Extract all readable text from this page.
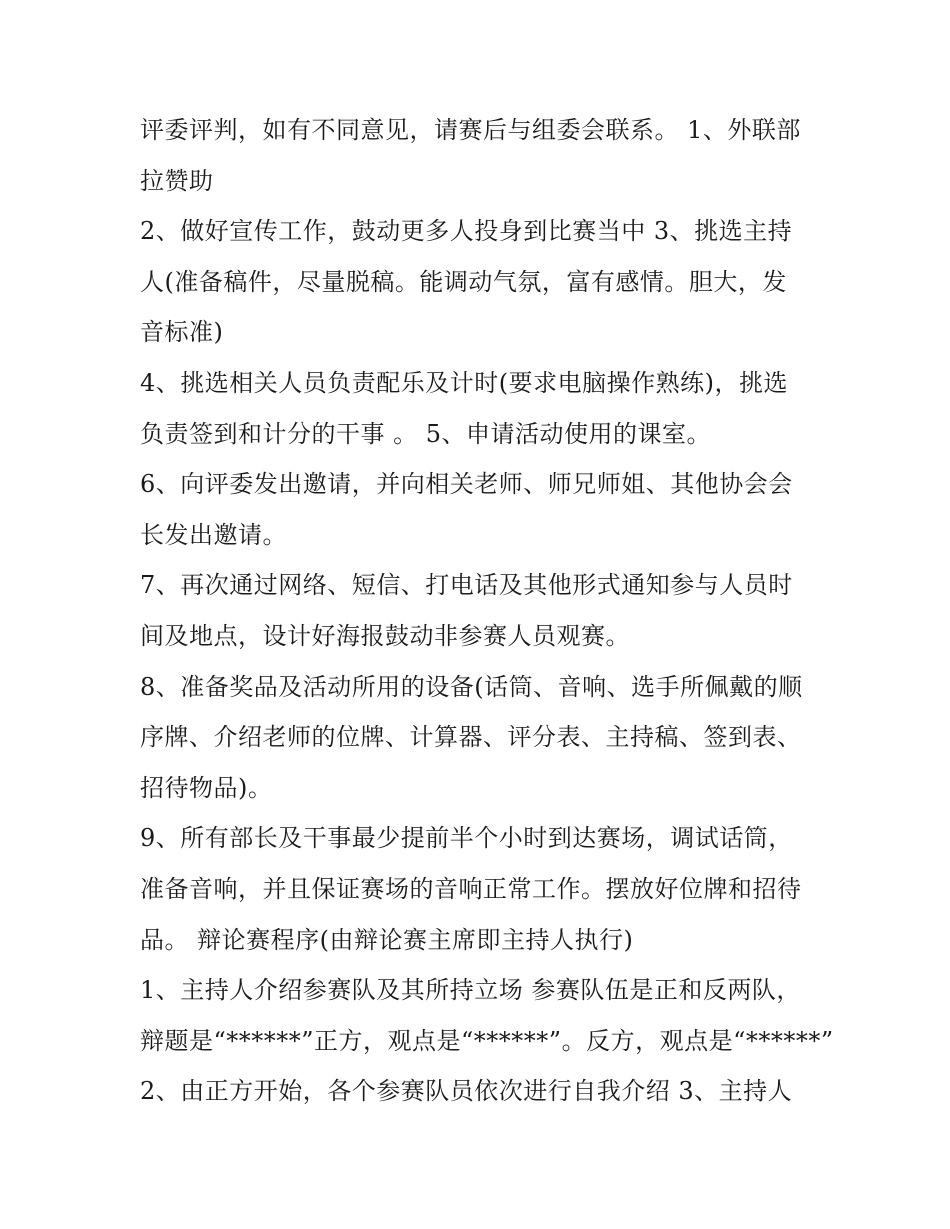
评委评判，如有不同意见，请赛后与组委会联系。 1、外联部
拉赞助
2、做好宣传工作，鼓动更多人投身到比赛当中 3、挑选主持
人(准备稿件，尽量脱稿。能调动气氛，富有感情。胆大，发
音标准)
4、挑选相关人员负责配乐及计时(要求电脑操作熟练)，挑选
负责签到和计分的干事 。 5、申请活动使用的课室。
6、向评委发出邀请，并向相关老师、师兄师姐、其他协会会
长发出邀请。
7、再次通过网络、短信、打电话及其他形式通知参与人员时
间及地点，设计好海报鼓动非参赛人员观赛。
8、准备奖品及活动所用的设备(话筒、音响、选手所佩戴的顺
序牌、介绍老师的位牌、计算器、评分表、主持稿、签到表、
招待物品)。
9、所有部长及干事最少提前半个小时到达赛场，调试话筒，
准备音响，并且保证赛场的音响正常工作。摆放好位牌和招待
品。 辩论赛程序(由辩论赛主席即主持人执行)
1、主持人介绍参赛队及其所持立场 参赛队伍是正和反两队，
辩题是“******”正方，观点是“******”。反方，观点是“******”
2、由正方开始，各个参赛队员依次进行自我介绍 3、主持人
